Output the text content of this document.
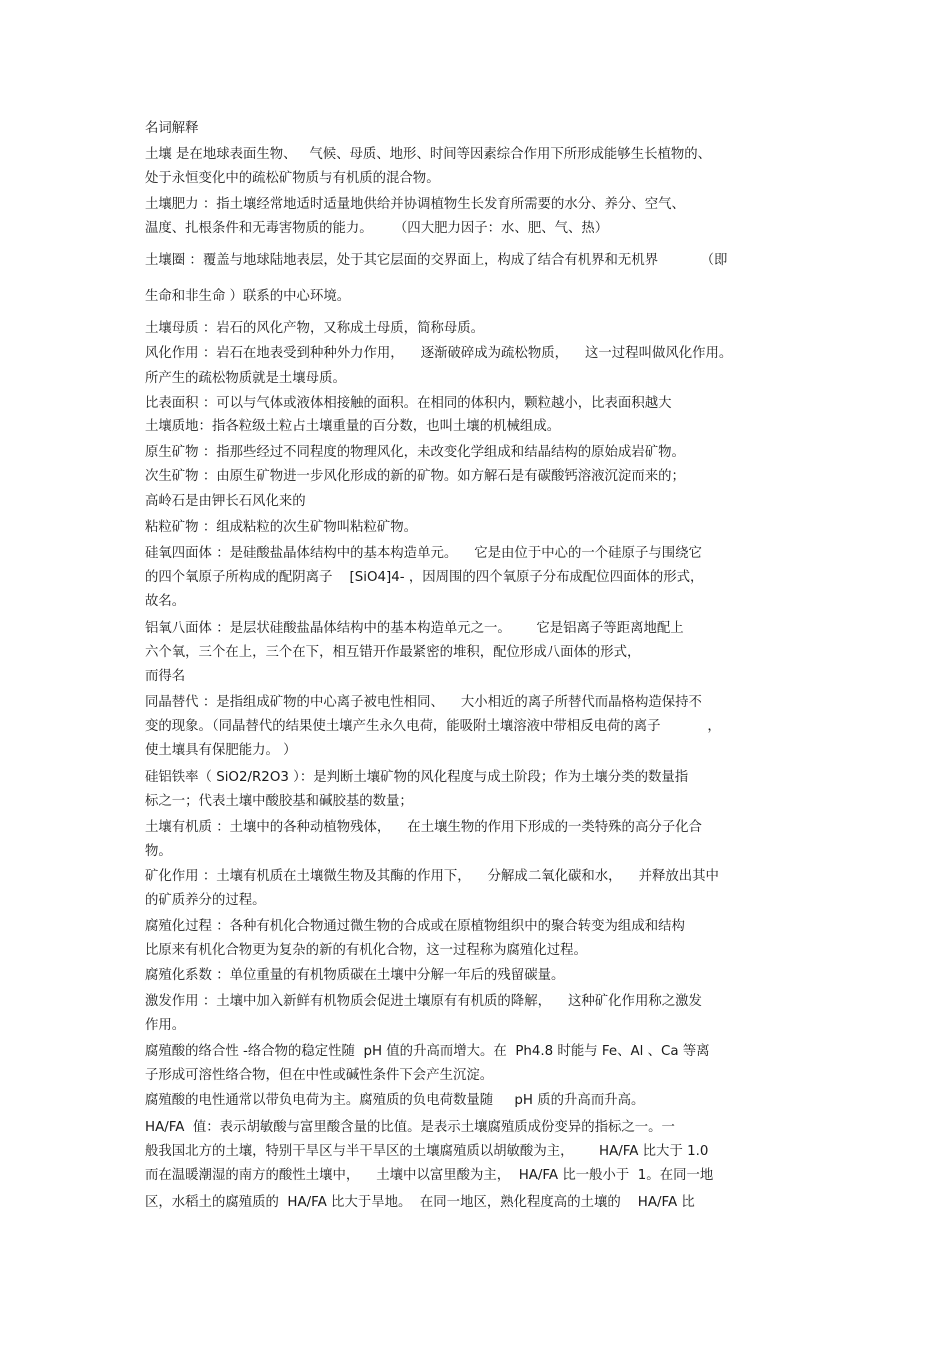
名词解释
土壤 是在地球表面生物、   气候、母质、地形、时间等因素综合作用下所形成能够生长植物的、
处于永恒变化中的疏松矿物质与有机质的混合物。
土壤肥力 ：指土壤经常地适时适量地供给并协调植物生长发育所需要的水分、养分、空气、
温度、扎根条件和无毒害物质的能力。     （四大肥力因子：水、肥、气、热）
土壤圈 ：覆盖与地球陆地表层，处于其它层面的交界面上，构成了结合有机界和无机界          （即
生命和非生命 ）联系的中心环境。
土壤母质 ：岩石的风化产物，又称成土母质，简称母质。
风化作用 ：岩石在地表受到种种外力作用，    逐渐破碎成为疏松物质，    这一过程叫做风化作用。
所产生的疏松物质就是土壤母质。
比表面积 ：可以与气体或液体相接触的面积。在相同的体积内，颗粒越小，比表面积越大
土壤质地：指各粒级土粒占土壤重量的百分数，也叫土壤的机械组成。
原生矿物 ：指那些经过不同程度的物理风化，未改变化学组成和结晶结构的原始成岩矿物。
次生矿物 ：由原生矿物进一步风化形成的新的矿物。如方解石是有碳酸钙溶液沉淀而来的；
高岭石是由钾长石风化来的
粘粒矿物 ：组成粘粒的次生矿物叫粘粒矿物。
硅氧四面体 ：是硅酸盐晶体结构中的基本构造单元。    它是由位于中心的一个硅原子与围绕它
的四个氧原子所构成的配阴离子    [SiO4]4- ，因周围的四个氧原子分布成配位四面体的形式，
故名。
铝氧八面体 ：是层状硅酸盐晶体结构中的基本构造单元之一。      它是铝离子等距离地配上
六个氧，三个在上，三个在下，相互错开作最紧密的堆积，配位形成八面体的形式，
而得名
同晶替代 ：是指组成矿物的中心离子被电性相同、    大小相近的离子所替代而晶格构造保持不
变的现象。（同晶替代的结果使土壤产生永久电荷，能吸附土壤溶液中带相反电荷的离子           ，
使土壤具有保肥能力。 ）
硅铝铁率（ SiO2/R2O3 ）：是判断土壤矿物的风化程度与成土阶段；作为土壤分类的数量指
标之一；代表土壤中酸胶基和碱胶基的数量；
土壤有机质 ：土壤中的各种动植物残体，    在土壤生物的作用下形成的一类特殊的高分子化合
物。
矿化作用 ：土壤有机质在土壤微生物及其酶的作用下，    分解成二氧化碳和水，    并释放出其中
的矿质养分的过程。
腐殖化过程 ：各种有机化合物通过微生物的合成或在原植物组织中的聚合转变为组成和结构
比原来有机化合物更为复杂的新的有机化合物，这一过程称为腐殖化过程。
腐殖化系数 ：单位重量的有机物质碳在土壤中分解一年后的残留碳量。
激发作用 ：土壤中加入新鲜有机物质会促进土壤原有有机质的降解，    这种矿化作用称之激发
作用。
腐殖酸的络合性 -络合物的稳定性随  pH 值的升高而增大。在  Ph4.8 时能与 Fe、Al 、Ca 等离
子形成可溶性络合物，但在中性或碱性条件下会产生沉淀。
腐殖酸的电性通常以带负电荷为主。腐殖质的负电荷数量随     pH 质的升高而升高。
HA/FA  值：表示胡敏酸与富里酸含量的比值。是表示土壤腐殖质成份变异的指标之一。一
般我国北方的土壤，特别干旱区与半干旱区的土壤腐殖质以胡敏酸为主，      HA/FA 比大于 1.0
而在温暖潮湿的南方的酸性土壤中，    土壤中以富里酸为主，  HA/FA 比一般小于  1。在同一地
区，水稻土的腐殖质的  HA/FA 比大于旱地。  在同一地区，熟化程度高的土壤的    HA/FA 比
